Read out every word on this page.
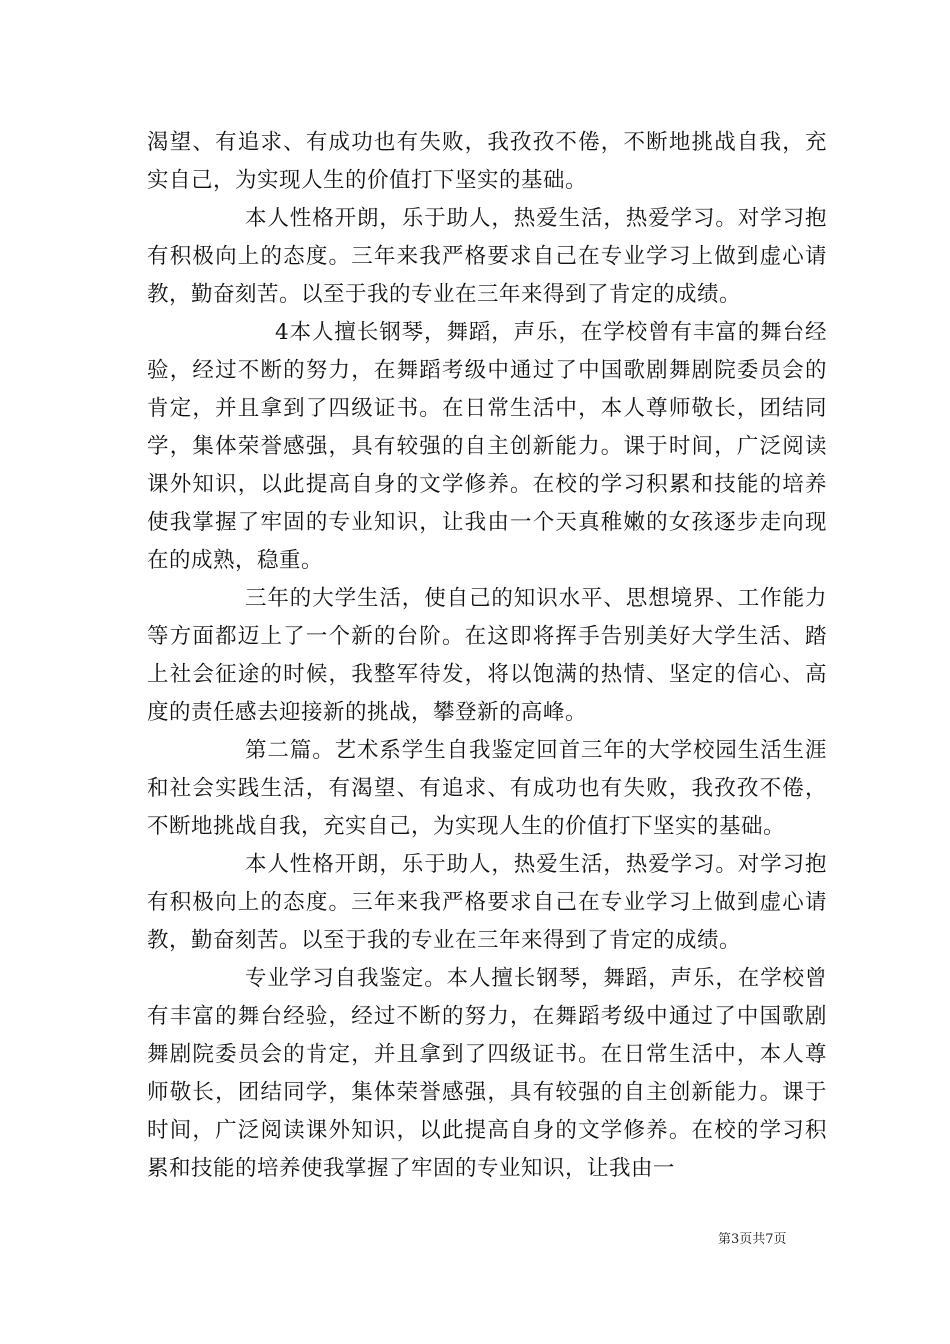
渴望、有追求、有成功也有失败，我孜孜不倦，不断地挑战自我，充实自己，为实现人生的价值打下坚实的基础。

本人性格开朗，乐于助人，热爱生活，热爱学习。对学习抱有积极向上的态度。三年来我严格要求自己在专业学习上做到虚心请教，勤奋刻苦。以至于我的专业在三年来得到了肯定的成绩。

4本人擅长钢琴，舞蹈，声乐，在学校曾有丰富的舞台经验，经过不断的努力，在舞蹈考级中通过了中国歌剧舞剧院委员会的肯定，并且拿到了四级证书。在日常生活中，本人尊师敬长，团结同学，集体荣誉感强，具有较强的自主创新能力。课于时间，广泛阅读课外知识，以此提高自身的文学修养。在校的学习积累和技能的培养使我掌握了牢固的专业知识，让我由一个天真稚嫩的女孩逐步走向现在的成熟，稳重。

三年的大学生活，使自己的知识水平、思想境界、工作能力等方面都迈上了一个新的台阶。在这即将挥手告别美好大学生活、踏上社会征途的时候，我整军待发，将以饱满的热情、坚定的信心、高度的责任感去迎接新的挑战，攀登新的高峰。

第二篇。艺术系学生自我鉴定回首三年的大学校园生活生涯和社会实践生活，有渴望、有追求、有成功也有失败，我孜孜不倦，不断地挑战自我，充实自己，为实现人生的价值打下坚实的基础。

本人性格开朗，乐于助人，热爱生活，热爱学习。对学习抱有积极向上的态度。三年来我严格要求自己在专业学习上做到虚心请教，勤奋刻苦。以至于我的专业在三年来得到了肯定的成绩。

专业学习自我鉴定。本人擅长钢琴，舞蹈，声乐，在学校曾有丰富的舞台经验，经过不断的努力，在舞蹈考级中通过了中国歌剧舞剧院委员会的肯定，并且拿到了四级证书。在日常生活中，本人尊师敬长，团结同学，集体荣誉感强，具有较强的自主创新能力。课于时间，广泛阅读课外知识，以此提高自身的文学修养。在校的学习积累和技能的培养使我掌握了牢固的专业知识，让我由一

第3页共7页
